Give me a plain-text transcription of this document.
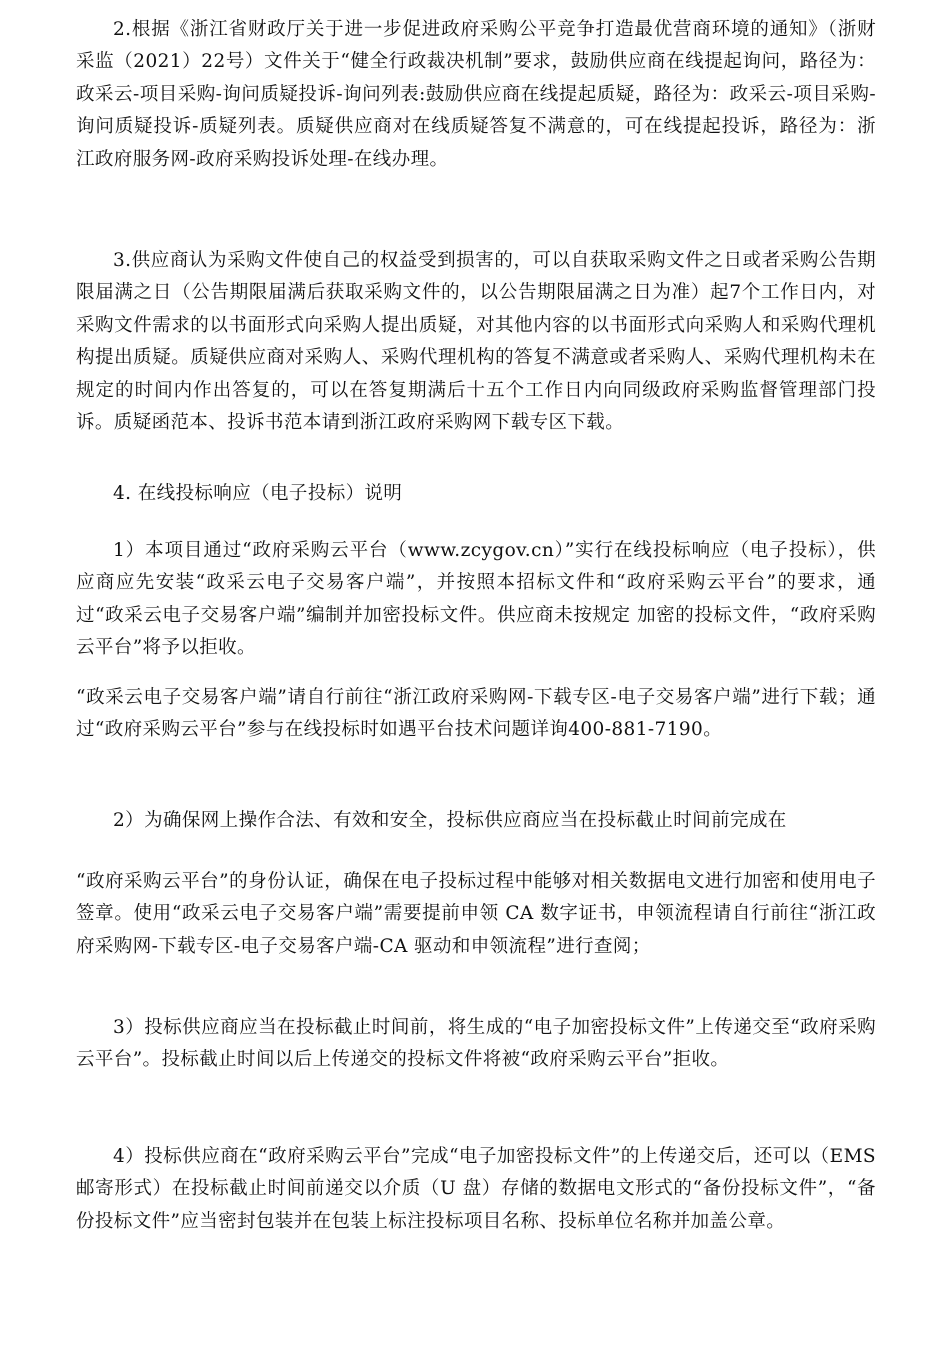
2.根据《浙江省财政厅关于进一步促进政府采购公平竞争打造最优营商环境的通知》（浙财采监（2021）22号）文件关于“健全行政裁决机制”要求，鼓励供应商在线提起询问，路径为：政采云-项目采购-询问质疑投诉-询问列表:鼓励供应商在线提起质疑，路径为：政采云-项目采购-询问质疑投诉-质疑列表。质疑供应商对在线质疑答复不满意的，可在线提起投诉，路径为：浙江政府服务网-政府采购投诉处理-在线办理。

3.供应商认为采购文件使自己的权益受到损害的，可以自获取采购文件之日或者采购公告期限届满之日（公告期限届满后获取采购文件的，以公告期限届满之日为准）起7个工作日内，对采购文件需求的以书面形式向采购人提出质疑，对其他内容的以书面形式向采购人和采购代理机构提出质疑。质疑供应商对采购人、采购代理机构的答复不满意或者采购人、采购代理机构未在规定的时间内作出答复的，可以在答复期满后十五个工作日内向同级政府采购监督管理部门投诉。质疑函范本、投诉书范本请到浙江政府采购网下载专区下载。

4. 在线投标响应（电子投标）说明

1）本项目通过“政府采购云平台（www.zcygov.cn）”实行在线投标响应（电子投标），供应商应先安装“政采云电子交易客户端”，并按照本招标文件和“政府采购云平台”的要求，通过“政采云电子交易客户端”编制并加密投标文件。供应商未按规定 加密的投标文件，“政府采购云平台”将予以拒收。

“政采云电子交易客户端”请自行前往“浙江政府采购网-下载专区-电子交易客户端”进行下载；通过“政府采购云平台”参与在线投标时如遇平台技术问题详询400-881-7190。

2）为确保网上操作合法、有效和安全，投标供应商应当在投标截止时间前完成在

“政府采购云平台”的身份认证，确保在电子投标过程中能够对相关数据电文进行加密和使用电子签章。使用“政采云电子交易客户端”需要提前申领 CA 数字证书，申领流程请自行前往“浙江政府采购网-下载专区-电子交易客户端-CA 驱动和申领流程”进行查阅；

3）投标供应商应当在投标截止时间前，将生成的“电子加密投标文件”上传递交至“政府采购云平台”。投标截止时间以后上传递交的投标文件将被“政府采购云平台”拒收。

4）投标供应商在“政府采购云平台”完成“电子加密投标文件”的上传递交后，还可以（EMS 邮寄形式）在投标截止时间前递交以介质（U 盘）存储的数据电文形式的“备份投标文件”，“备份投标文件”应当密封包装并在包装上标注投标项目名称、投标单位名称并加盖公章。
